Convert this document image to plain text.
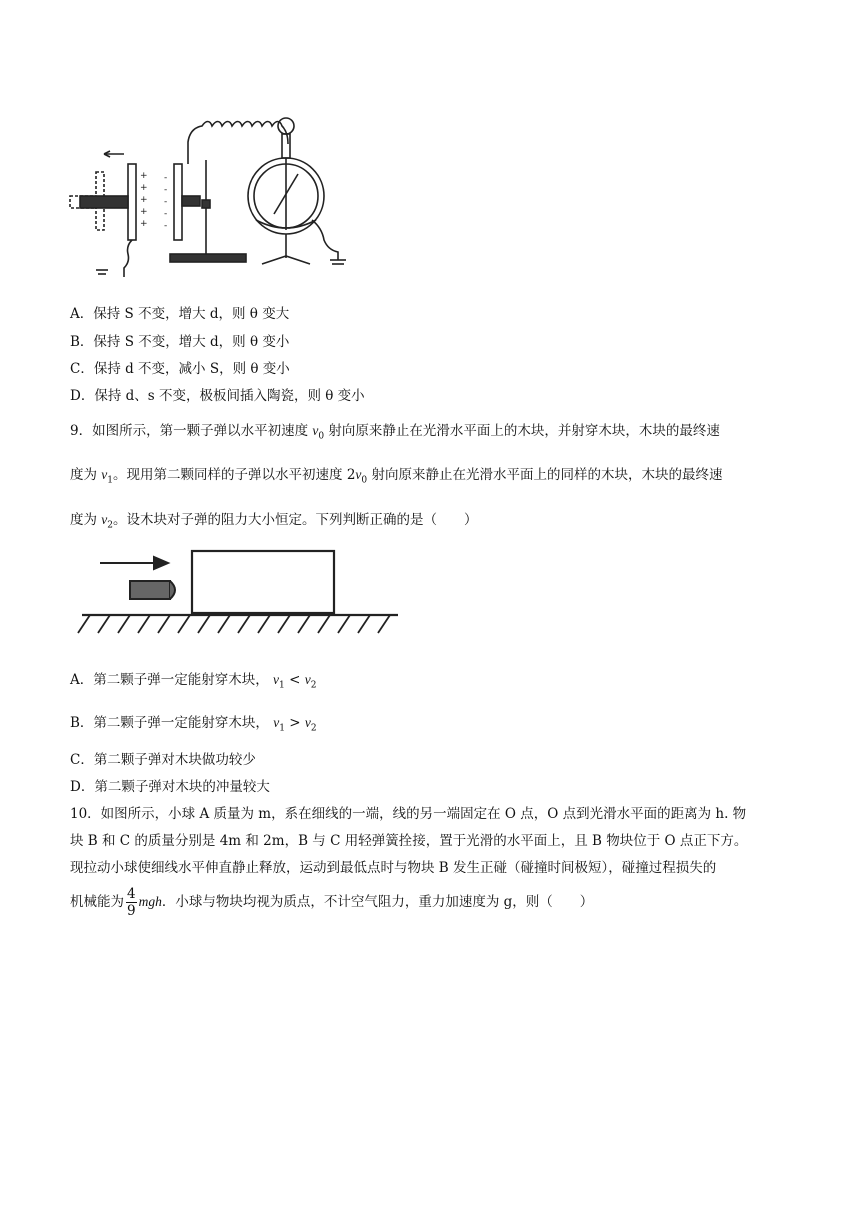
+
+
+
+
+
-
-
-
-
-
A．保持 S 不变，增大 d，则 θ 变大
B．保持 S 不变，增大 d，则 θ 变小
C．保持 d 不变，减小 S，则 θ 变小
D．保持 d、s 不变，极板间插入陶瓷，则 θ 变小
9．如图所示，第一颗子弹以水平初速度 $v_0$ 射向原来静止在光滑水平面上的木块，并射穿木块，木块的最终速
度为 $v_1$。现用第二颗同样的子弹以水平初速度 $2v_0$ 射向原来静止在光滑水平面上的同样的木块，木块的最终速
度为 $v_2$。设木块对子弹的阻力大小恒定。下列判断正确的是（　　）
A．第二颗子弹一定能射穿木块， $v_1 < v_2$
B．第二颗子弹一定能射穿木块， $v_1 > v_2$
C．第二颗子弹对木块做功较少
D．第二颗子弹对木块的冲量较大
10．如图所示，小球 A 质量为 m，系在细线的一端，线的另一端固定在 O 点，O 点到光滑水平面的距离为 h. 物
块 B 和 C 的质量分别是 4m 和 2m，B 与 C 用轻弹簧拴接，置于光滑的水平面上，且 B 物块位于 O 点正下方。
现拉动小球使细线水平伸直静止释放，运动到最低点时与物块 B 发生正碰（碰撞时间极短），碰撞过程损失的
机械能为 $\frac{4}{9}$ mgh．小球与物块均视为质点，不计空气阻力，重力加速度为 g，则（　　）
